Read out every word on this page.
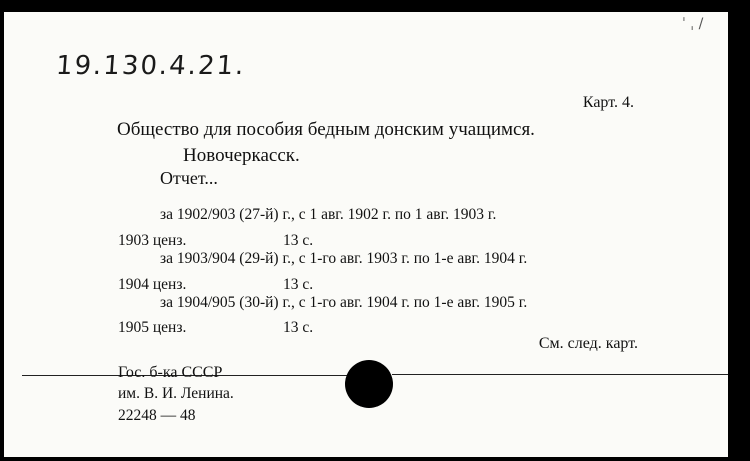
ˈ ˌ /
19.130.4.21.
Карт. 4.
Общество для пособия бедным донским учащимся.
Новочеркасск.
Отчет...
за 1902/903 (27-й) г., с 1 авг. 1902 г. по 1 авг. 1903 г.
1903 ценз.	13 с.
за 1903/904 (29-й) г., с 1-го авг. 1903 г. по 1-е авг. 1904 г.
1904 ценз.	13 с.
за 1904/905 (30-й) г., с 1-го авг. 1904 г. по 1-е авг. 1905 г.
1905 ценз.	13 с.
См. след. карт.
Гос. б-ка СССР
им. В. И. Ленина.
22248 — 48
